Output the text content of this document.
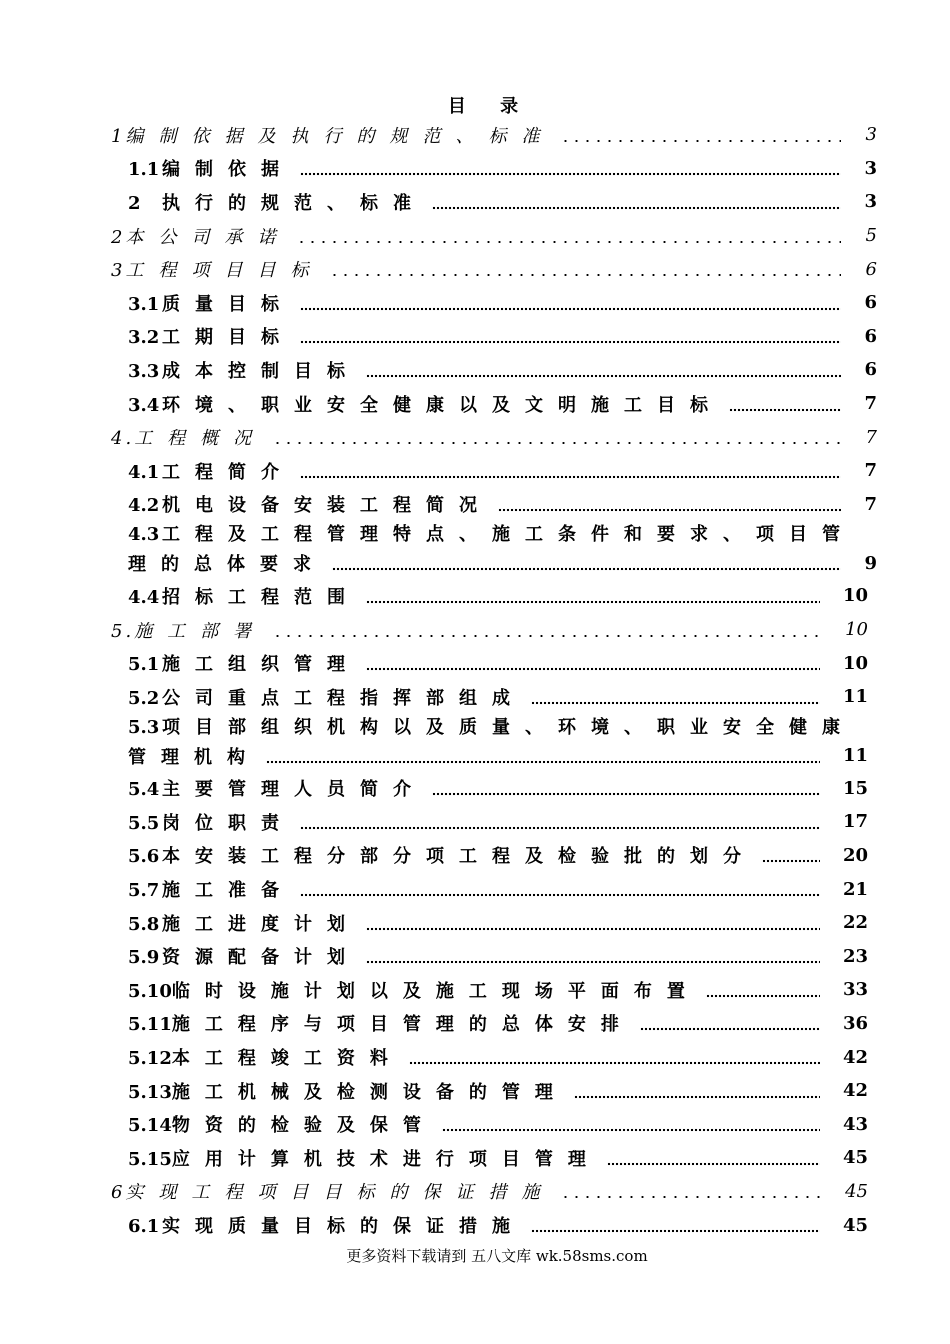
目 录
1编制依据及执行的规范、标准	3
1.1 编制依据	3
2 执行的规范、标准	3
2本公司承诺	5
3工程项目目标	6
3.1 质量目标	6
3.2 工期目标	6
3.3 成本控制目标	6
3.4 环境、职业安全健康以及文明施工目标	7
4.工程概况	7
4.1 工程简介	7
4.2 机电设备安装工程简况	7
4.3 工程及工程管理特点、施工条件和要求、项目管
理的总体要求	9
4.4 招标工程范围	10
5.施工部署	10
5.1 施工组织管理	10
5.2 公司重点工程指挥部组成	11
5.3 项目部组织机构以及质量、环境、职业安全健康
管理机构	11
5.4 主要管理人员简介	15
5.5 岗位职责	17
5.6 本安装工程分部分项工程及检验批的划分	20
5.7 施工准备	21
5.8 施工进度计划	22
5.9 资源配备计划	23
5.10临时设施计划以及施工现场平面布置	33
5.11施工程序与项目管理的总体安排	36
5.12本工程竣工资料	42
5.13施工机械及检测设备的管理	42
5.14物资的检验及保管	43
5.15应用计算机技术进行项目管理	45
6实现工程项目目标的保证措施	45
6.1 实现质量目标的保证措施	45
更多资料下载请到 五八文库 wk.58sms.com
